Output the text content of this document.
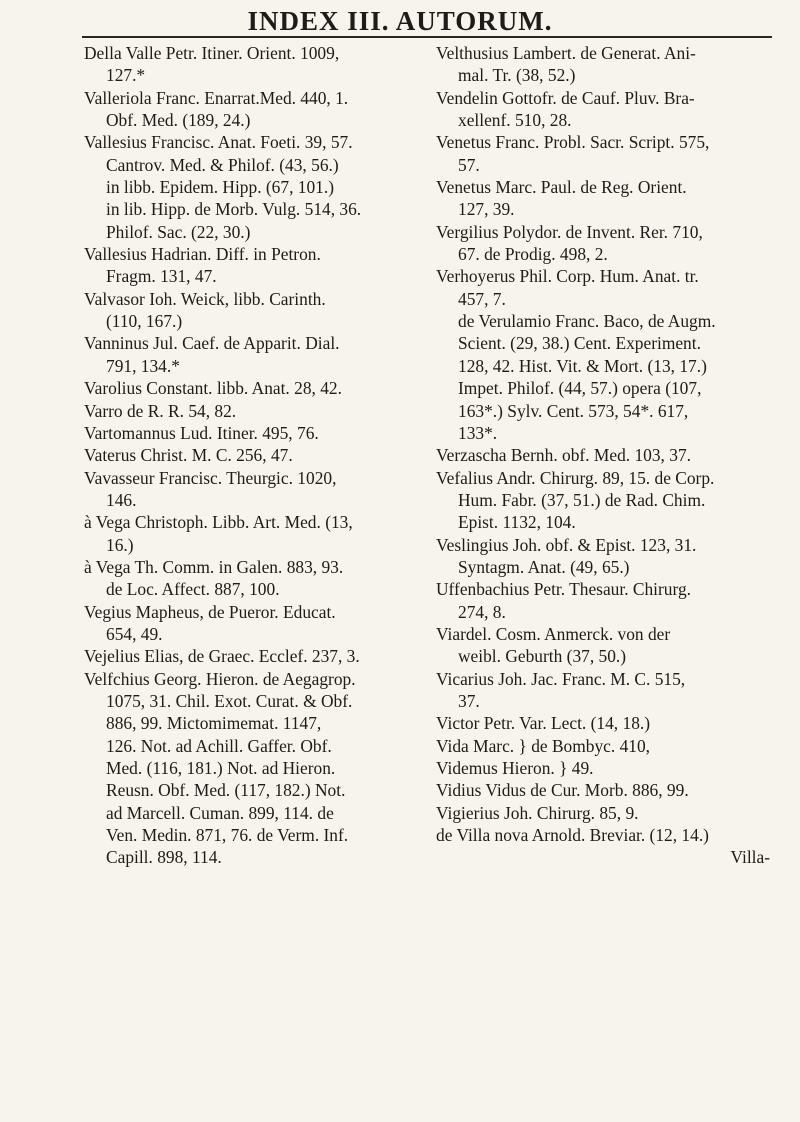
INDEX III. AUTORUM.
Della Valle Petr. Itiner. Orient. 1009,
127.*
Valleriola Franc. Enarrat.Med. 440, 1.
Obf. Med. (189, 24.)
Vallesius Francisc. Anat. Foeti. 39, 57.
Cantrov. Med. & Philof. (43, 56.)
in libb. Epidem. Hipp. (67, 101.)
in lib. Hipp. de Morb. Vulg. 514, 36.
Philof. Sac. (22, 30.)
Vallesius Hadrian. Diff. in Petron.
Fragm. 131, 47.
Valvasor Ioh. Weick, libb. Carinth.
(110, 167.)
Vanninus Jul. Caef. de Apparit. Dial.
791, 134.*
Varolius Constant. libb. Anat. 28, 42.
Varro de R. R. 54, 82.
Vartomannus Lud. Itiner. 495, 76.
Vaterus Christ. M. C. 256, 47.
Vavasseur Francisc. Theurgic. 1020,
146.
à Vega Christoph. Libb. Art. Med. (13,
16.)
à Vega Th. Comm. in Galen. 883, 93.
de Loc. Affect. 887, 100.
Vegius Mapheus, de Pueror. Educat.
654, 49.
Vejelius Elias, de Graec. Ecclef. 237, 3.
Velfchius Georg. Hieron. de Aegagrop.
1075, 31. Chil. Exot. Curat. & Obf.
886, 99. Mictomimemat. 1147,
126. Not. ad Achill. Gaffer. Obf.
Med. (116, 181.) Not. ad Hieron.
Reusn. Obf. Med. (117, 182.) Not.
ad Marcell. Cuman. 899, 114. de
Ven. Medin. 871, 76. de Verm. Inf.
Capill. 898, 114.
Velthusius Lambert. de Generat. Ani-
mal. Tr. (38, 52.)
Vendelin Gottofr. de Cauf. Pluv. Bra-
xellenf. 510, 28.
Venetus Franc. Probl. Sacr. Script. 575,
57.
Venetus Marc. Paul. de Reg. Orient.
127, 39.
Vergilius Polydor. de Invent. Rer. 710,
67. de Prodig. 498, 2.
Verhoyerus Phil. Corp. Hum. Anat. tr.
457, 7.
de Verulamio Franc. Baco, de Augm.
Scient. (29, 38.) Cent. Experiment.
128, 42. Hist. Vit. & Mort. (13, 17.)
Impet. Philof. (44, 57.) opera (107,
163*.) Sylv. Cent. 573, 54*. 617,
133*.
Verzascha Bernh. obf. Med. 103, 37.
Vefalius Andr. Chirurg. 89, 15. de Corp.
Hum. Fabr. (37, 51.) de Rad. Chim.
Epist. 1132, 104.
Veslingius Joh. obf. & Epist. 123, 31.
Syntagm. Anat. (49, 65.)
Uffenbachius Petr. Thesaur. Chirurg.
274, 8.
Viardel. Cosm. Anmerck. von der
weibl. Geburth (37, 50.)
Vicarius Joh. Jac. Franc. M. C. 515,
37.
Victor Petr. Var. Lect. (14, 18.)
Vida Marc. } de Bombyc. 410,
Videmus Hieron. } 49.
Vidius Vidus de Cur. Morb. 886, 99.
Vigierius Joh. Chirurg. 85, 9.
de Villa nova Arnold. Breviar. (12, 14.)
Villa-
